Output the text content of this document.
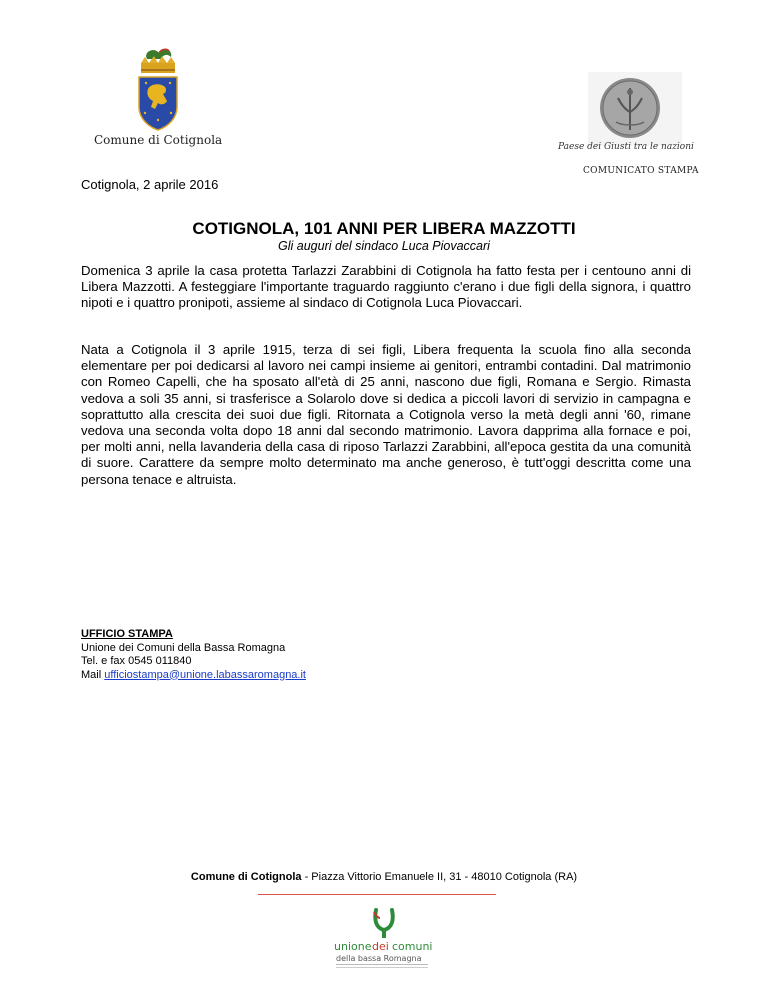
Comune di Cotignola	Paese dei Giusti tra le nazioni
COMUNICATO STAMPA
Cotignola, 2 aprile 2016
COTIGNOLA, 101 ANNI PER LIBERA MAZZOTTI
Gli auguri del sindaco Luca Piovaccari
Domenica 3 aprile la casa protetta Tarlazzi Zarabbini di Cotignola ha fatto festa per i centouno anni di Libera Mazzotti. A festeggiare l'importante traguardo raggiunto c'erano i due figli della signora, i quattro nipoti e i quattro pronipoti, assieme al sindaco di Cotignola Luca Piovaccari.
Nata a Cotignola il 3 aprile 1915, terza di sei figli, Libera frequenta la scuola fino alla seconda elementare per poi dedicarsi al lavoro nei campi insieme ai genitori, entrambi contadini. Dal matrimonio con Romeo Capelli, che ha sposato all'età di 25 anni, nascono due figli, Romana e Sergio. Rimasta vedova a soli 35 anni, si trasferisce a Solarolo dove si dedica a piccoli lavori di servizio in campagna e soprattutto alla crescita dei suoi due figli. Ritornata a Cotignola verso la metà degli anni '60, rimane vedova una seconda volta dopo 18 anni dal secondo matrimonio. Lavora dapprima alla fornace e poi, per molti anni, nella lavanderia della casa di riposo Tarlazzi Zarabbini, all'epoca gestita da una comunità di suore. Carattere da sempre molto determinato ma anche generoso, è tutt'oggi descritta come una persona tenace e altruista.
UFFICIO STAMPA
Unione dei Comuni della Bassa Romagna
Tel. e fax 0545 011840
Mail ufficiostampa@unione.labassaromagna.it
Comune di Cotignola - Piazza Vittorio Emanuele II, 31 - 48010 Cotignola (RA)
unione dei comuni
della bassa Romagna
